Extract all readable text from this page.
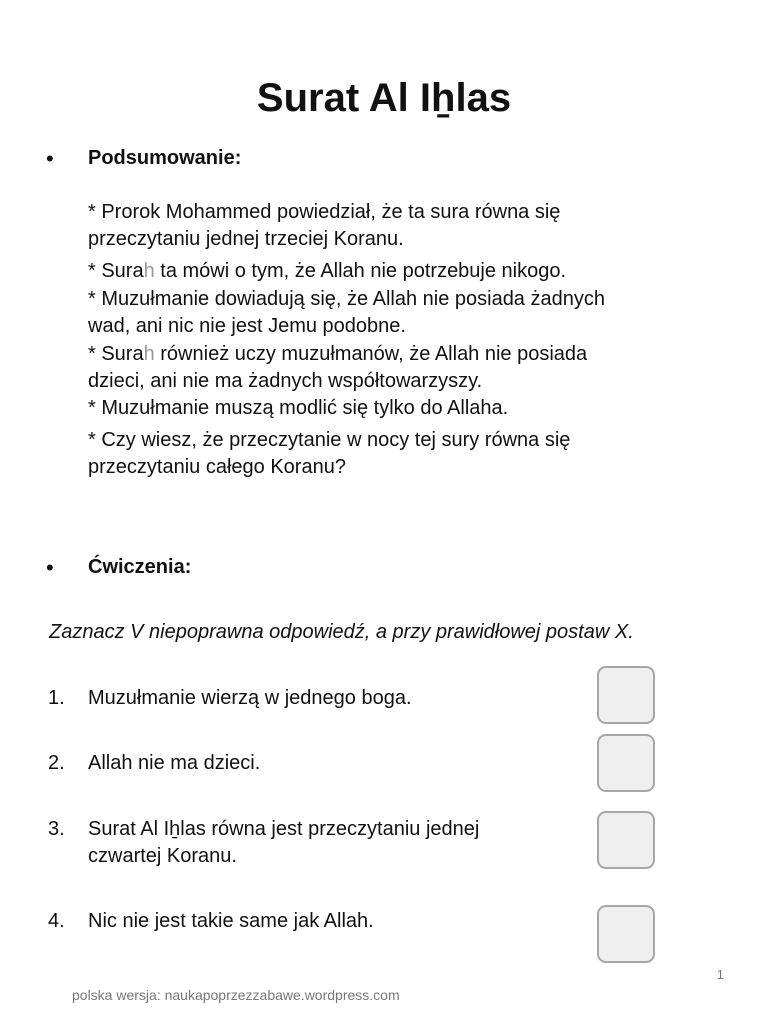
Surat Al Iẖlas
• Podsumowanie:
* Prorok Mohammed powiedział, że ta sura równa się
przeczytaniu jednej trzeciej Koranu.
* Surah ta mówi o tym, że Allah nie potrzebuje nikogo.
* Muzułmanie dowiadują się, że Allah nie posiada żadnych
wad, ani nic nie jest Jemu podobne.
* Surah również uczy muzułmanów, że Allah nie posiada
dzieci, ani nie ma żadnych współtowarzyszy.
* Muzułmanie muszą modlić się tylko do Allaha.
* Czy wiesz, że przeczytanie w nocy tej sury równa się
przeczytaniu całego Koranu?
• Ćwiczenia:
Zaznacz V niepoprawna odpowiedź, a przy prawidłowej postaw X.
1. Muzułmanie wierzą w jednego boga.
2. Allah nie ma dzieci.
3. Surat Al Iẖlas równa jest przeczytaniu jednej
czwartej Koranu.
4. Nic nie jest takie same jak Allah.
1
polska wersja: naukapoprzezzabawe.wordpress.com
